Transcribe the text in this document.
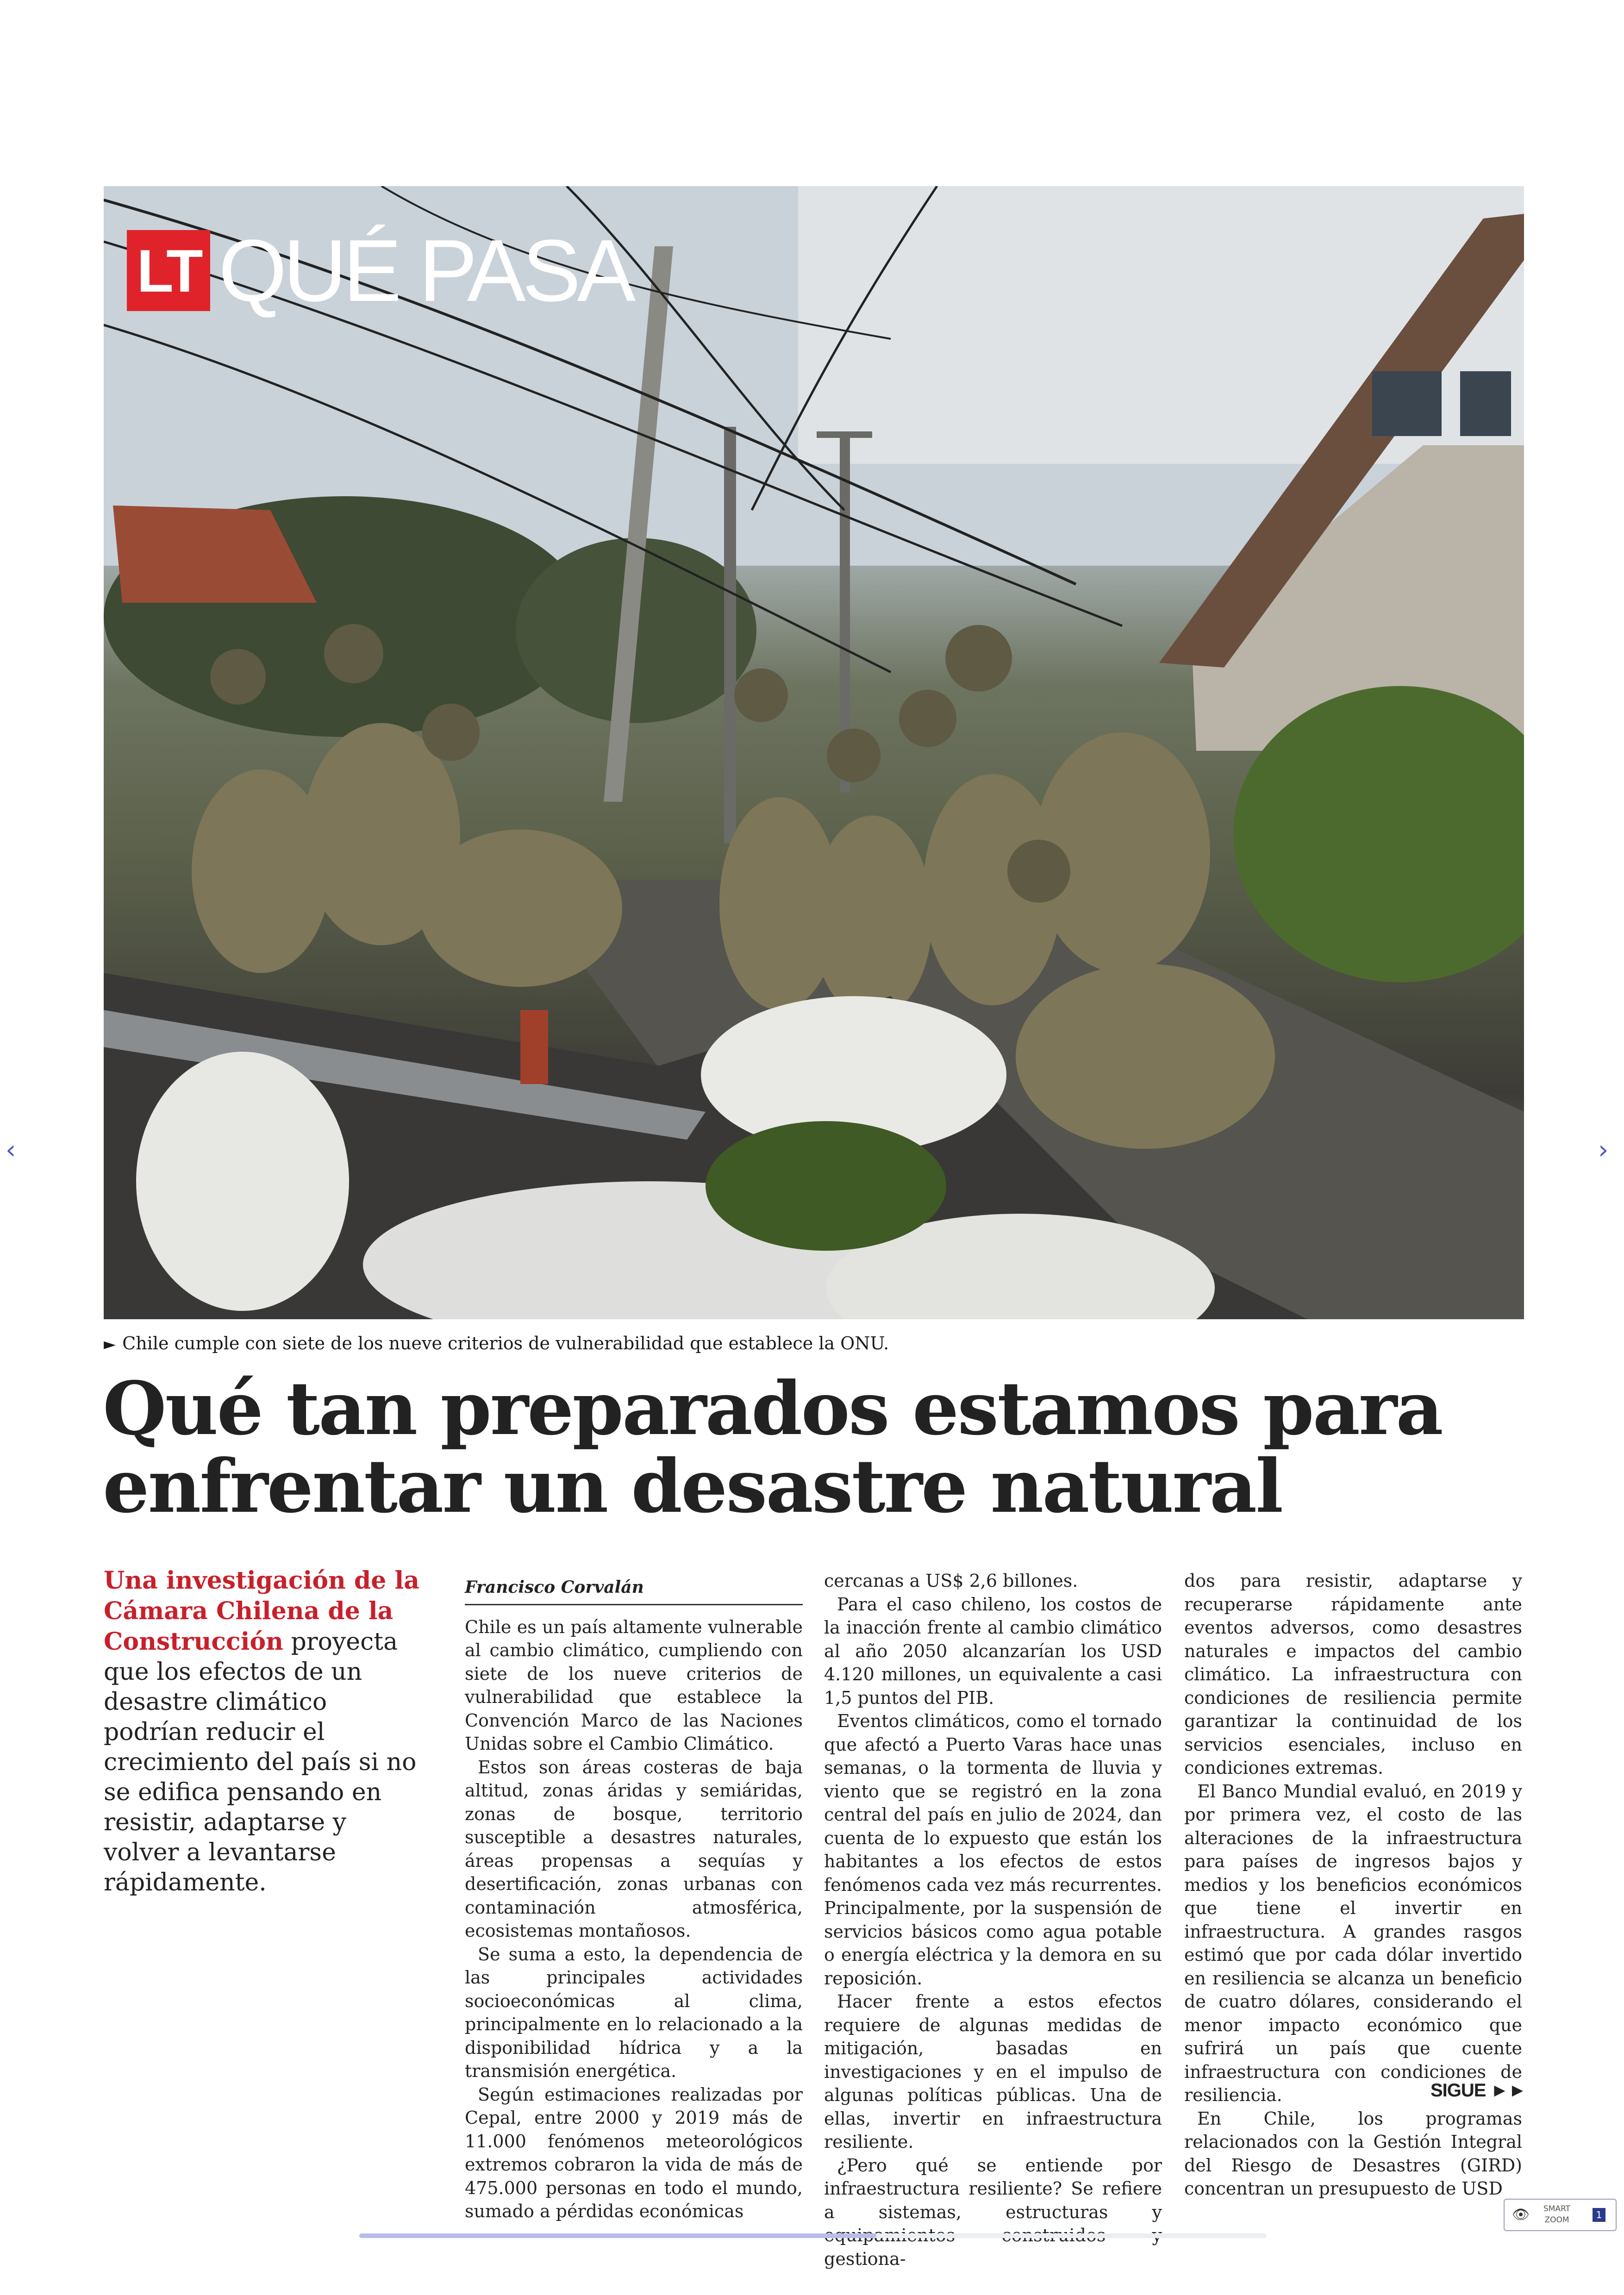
LT QUÉ PASA
► Chile cumple con siete de los nueve criterios de vulnerabilidad que establece la ONU.
Qué tan preparados estamos para
enfrentar un desastre natural
Una investigación de la Cámara Chilena de la Construcción proyecta que los efectos de un desastre climático podrían reducir el crecimiento del país si no se edifica pensando en resistir, adaptarse y volver a levantarse rápidamente.
Francisco Corvalán

Chile es un país altamente vulnerable al cambio climático, cumpliendo con siete de los nueve criterios de vulnerabilidad que establece la Convención Marco de las Naciones Unidas sobre el Cambio Climático.

Estos son áreas costeras de baja altitud, zonas áridas y semiáridas, zonas de bosque, territorio susceptible a desastres naturales, áreas propensas a sequías y desertificación, zonas urbanas con contaminación atmosférica, ecosistemas montañosos.

Se suma a esto, la dependencia de las principales actividades socioeconómicas al clima, principalmente en lo relacionado a la disponibilidad hídrica y a la transmisión energética.

Según estimaciones realizadas por Cepal, entre 2000 y 2019 más de 11.000 fenómenos meteorológicos extremos cobraron la vida de más de 475.000 personas en todo el mundo, sumado a pérdidas económicas

cercanas a US$ 2,6 billones.

Para el caso chileno, los costos de la inacción frente al cambio climático al año 2050 alcanzarían los USD 4.120 millones, un equivalente a casi 1,5 puntos del PIB.

Eventos climáticos, como el tornado que afectó a Puerto Varas hace unas semanas, o la tormenta de lluvia y viento que se registró en la zona central del país en julio de 2024, dan cuenta de lo expuesto que están los habitantes a los efectos de estos fenómenos cada vez más recurrentes. Principalmente, por la suspensión de servicios básicos como agua potable o energía eléctrica y la demora en su reposición.

Hacer frente a estos efectos requiere de algunas medidas de mitigación, basadas en investigaciones y en el impulso de algunas políticas públicas. Una de ellas, invertir en infraestructura resiliente.

¿Pero qué se entiende por infraestructura resiliente? Se refiere a sistemas, estructuras y gestiona-

dos para resistir, adaptarse y recuperarse rápidamente ante eventos adversos, como desastres naturales e impactos del cambio climático. La infraestructura con condiciones de resiliencia permite garantizar la continuidad de los servicios esenciales, incluso en condiciones extremas.

El Banco Mundial evaluó, en 2019 y por primera vez, el costo de las alteraciones de la infraestructura para países de ingresos bajos y medios y los beneficios económicos que tiene el invertir en infraestructura. A grandes rasgos estimó que por cada dólar invertido en resiliencia se alcanza un beneficio de cuatro dólares, considerando el menor impacto económico que sufrirá un país que cuente infraestructura con condiciones de resiliencia.

En Chile, los programas relacionados con la Gestión Integral del Riesgo de Desastres (GIRD) concentran un presupuesto de USD

SIGUE ►►
‹	›
👁 SMART
ZOOM	1
